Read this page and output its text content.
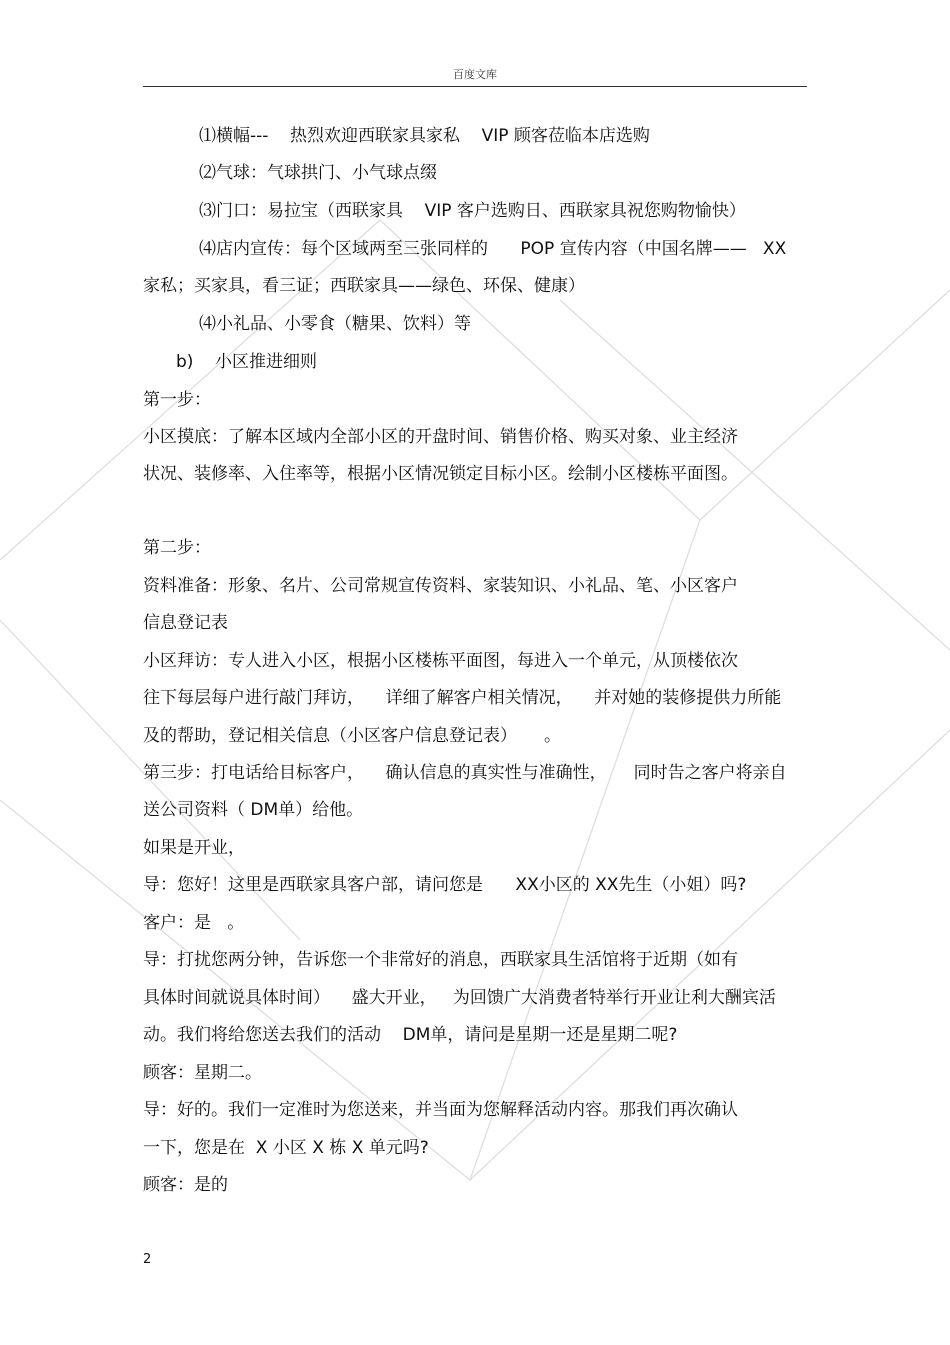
百度文库
⑴横幅---    热烈欢迎西联家具家私    VIP 顾客莅临本店选购
⑵气球：气球拱门、小气球点缀
⑶门口：易拉宝（西联家具    VIP 客户选购日、西联家具祝您购物愉快）
⑷店内宣传：每个区域两至三张同样的      POP 宣传内容（中国名牌——   XX
家私；买家具，看三证；西联家具——绿色、环保、健康）
⑷小礼品、小零食（糖果、饮料）等
b)    小区推进细则
第一步：
小区摸底：了解本区域内全部小区的开盘时间、销售价格、购买对象、业主经济
状况、装修率、入住率等，根据小区情况锁定目标小区。绘制小区楼栋平面图。
第二步：
资料准备：形象、名片、公司常规宣传资料、家装知识、小礼品、笔、小区客户
信息登记表
小区拜访：专人进入小区，根据小区楼栋平面图，每进入一个单元，从顶楼依次
往下每层每户进行敲门拜访，    详细了解客户相关情况，    并对她的装修提供力所能
及的帮助，登记相关信息（小区客户信息登记表）     。
第三步：打电话给目标客户，    确认信息的真实性与准确性，     同时告之客户将亲自
送公司资料（ DM单）给他。
如果是开业，
导：您好！这里是西联家具客户部，请问您是      XX小区的 XX先生（小姐）吗?
客户：是   。
导：打扰您两分钟，告诉您一个非常好的消息，西联家具生活馆将于近期（如有
具体时间就说具体时间）    盛大开业，   为回馈广大消费者特举行开业让利大酬宾活
动。我们将给您送去我们的活动    DM单，请问是星期一还是星期二呢?
顾客：星期二。
导：好的。我们一定准时为您送来，并当面为您解释活动内容。那我们再次确认
一下，您是在  X 小区 X 栋 X 单元吗?
顾客：是的
2
